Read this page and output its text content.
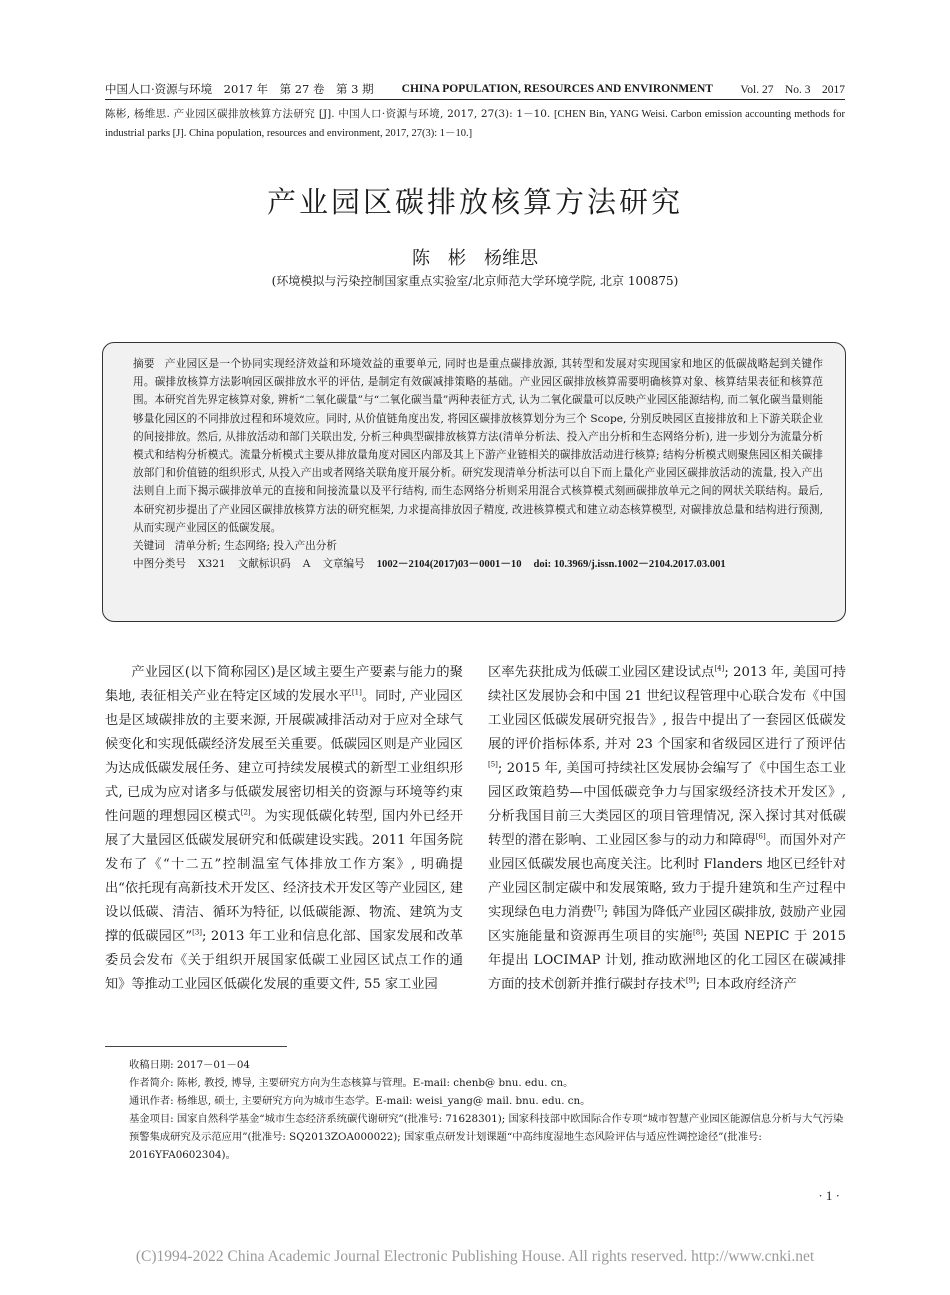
中国人口·资源与环境　2017 年　第 27 卷　第 3 期 CHINA POPULATION, RESOURCES AND ENVIRONMENT Vol. 27　No. 3　2017
陈彬, 杨维思. 产业园区碳排放核算方法研究 [J]. 中国人口·资源与环境, 2017, 27(3): 1－10. [CHEN Bin, YANG Weisi. Carbon emission accounting methods for industrial parks [J]. China population, resources and environment, 2017, 27(3): 1－10.]
产业园区碳排放核算方法研究
陈　彬　杨维思
(环境模拟与污染控制国家重点实验室/北京师范大学环境学院, 北京 100875)
摘要 产业园区是一个协同实现经济效益和环境效益的重要单元, 同时也是重点碳排放源, 其转型和发展对实现国家和地区的低碳战略起到关键作用。碳排放核算方法影响园区碳排放水平的评估, 是制定有效碳减排策略的基础。产业园区碳排放核算需要明确核算对象、核算结果表征和核算范围。本研究首先界定核算对象, 辨析“二氧化碳量”与“二氧化碳当量”两种表征方式, 认为二氧化碳量可以反映产业园区能源结构, 而二氧化碳当量则能够量化园区的不同排放过程和环境效应。同时, 从价值链角度出发, 将园区碳排放核算划分为三个 Scope, 分别反映园区直接排放和上下游关联企业的间接排放。然后, 从排放活动和部门关联出发, 分析三种典型碳排放核算方法(清单分析法、投入产出分析和生态网络分析), 进一步划分为流量分析模式和结构分析模式。流量分析模式主要从排放量角度对园区内部及其上下游产业链相关的碳排放活动进行核算; 结构分析模式则聚焦园区相关碳排放部门和价值链的组织形式, 从投入产出或者网络关联角度开展分析。研究发现清单分析法可以自下而上量化产业园区碳排放活动的流量, 投入产出法则自上而下揭示碳排放单元的直接和间接流量以及平行结构, 而生态网络分析则采用混合式核算模式刻画碳排放单元之间的网状关联结构。最后, 本研究初步提出了产业园区碳排放核算方法的研究框架, 力求提高排放因子精度, 改进核算模式和建立动态核算模型, 对碳排放总量和结构进行预测, 从而实现产业园区的低碳发展。
关键词 清单分析; 生态网络; 投入产出分析
中图分类号 X321 文献标识码 A 文章编号 1002－2104(2017)03－0001－10 doi: 10.3969/j.issn.1002－2104.2017.03.001

产业园区(以下简称园区)是区域主要生产要素与能力的聚集地, 表征相关产业在特定区域的发展水平[1]。同时, 产业园区也是区域碳排放的主要来源, 开展碳减排活动对于应对全球气候变化和实现低碳经济发展至关重要。低碳园区则是产业园区为达成低碳发展任务、建立可持续发展模式的新型工业组织形式, 已成为应对诸多与低碳发展密切相关的资源与环境等约束性问题的理想园区模式[2]。为实现低碳化转型, 国内外已经开展了大量园区低碳发展研究和低碳建设实践。2011 年国务院发布了《“十二五”控制温室气体排放工作方案》, 明确提出“依托现有高新技术开发区、经济技术开发区等产业园区, 建设以低碳、清洁、循环为特征, 以低碳能源、物流、建筑为支撑的低碳园区”[3]; 2013 年工业和信息化部、国家发展和改革委员会发布《关于组织开展国家低碳工业园区试点工作的通知》等推动工业园区低碳化发展的重要文件, 55 家工业园

区率先获批成为低碳工业园区建设试点[4]; 2013 年, 美国可持续社区发展协会和中国 21 世纪议程管理中心联合发布《中国工业园区低碳发展研究报告》, 报告中提出了一套园区低碳发展的评价指标体系, 并对 23 个国家和省级园区进行了预评估[5]; 2015 年, 美国可持续社区发展协会编写了《中国生态工业园区政策趋势—中国低碳竞争力与国家级经济技术开发区》, 分析我国目前三大类园区的项目管理情况, 深入探讨其对低碳转型的潜在影响、工业园区参与的动力和障碍[6]。而国外对产业园区低碳发展也高度关注。比利时 Flanders 地区已经针对产业园区制定碳中和发展策略, 致力于提升建筑和生产过程中实现绿色电力消费[7]; 韩国为降低产业园区碳排放, 鼓励产业园区实施能量和资源再生项目的实施[8]; 英国 NEPIC 于 2015 年提出 LOCIMAP 计划, 推动欧洲地区的化工园区在碳减排方面的技术创新并推行碳封存技术[9]; 日本政府经济产

收稿日期: 2017－01－04

作者简介: 陈彬, 教授, 博导, 主要研究方向为生态核算与管理。E-mail: chenb@ bnu. edu. cn。

通讯作者: 杨维思, 硕士, 主要研究方向为城市生态学。E-mail: weisi_yang@ mail. bnu. edu. cn。

基金项目: 国家自然科学基金“城市生态经济系统碳代谢研究”(批准号: 71628301); 国家科技部中欧国际合作专项“城市智慧产业园区能源信息分析与大气污染预警集成研究及示范应用”(批准号: SQ2013ZOA000022); 国家重点研发计划课题“中高纬度湿地生态风险评估与适应性调控途径”(批准号: 2016YFA0602304)。

· 1 ·
(C)1994-2022 China Academic Journal Electronic Publishing House. All rights reserved. http://www.cnki.net
